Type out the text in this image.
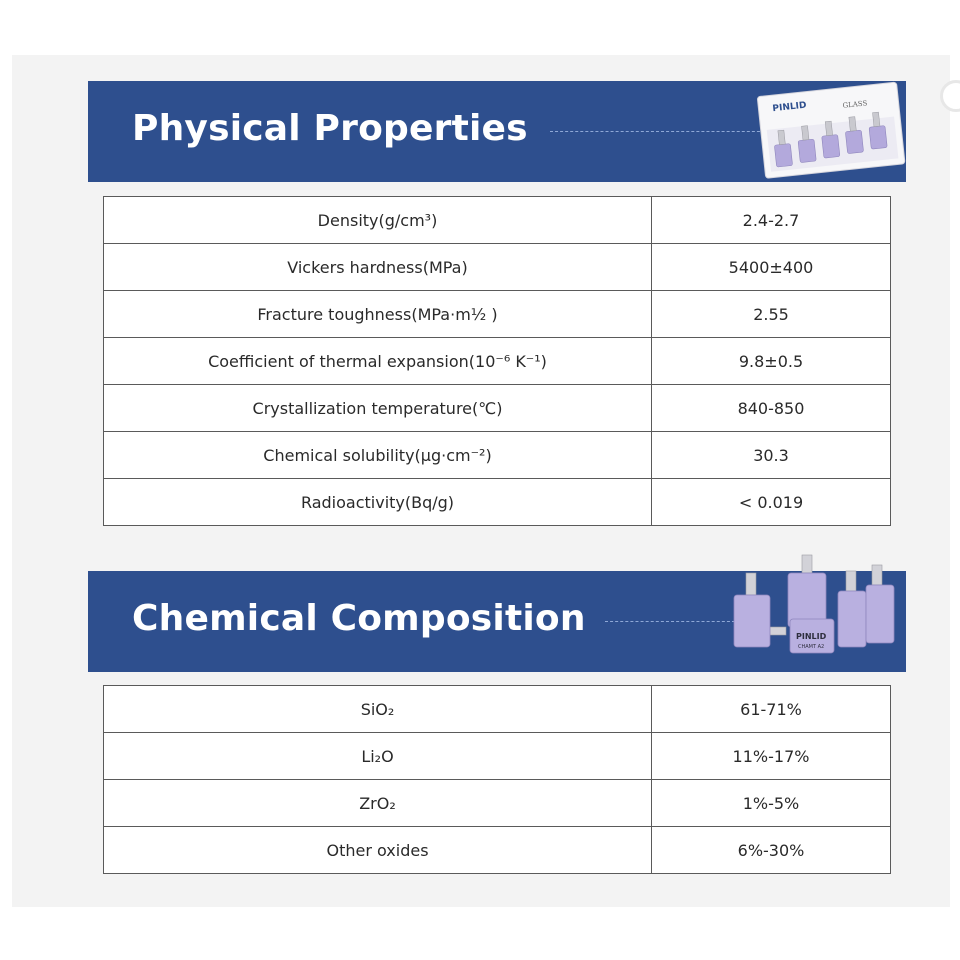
Physical Properties
PINLID	GLASS
Density(g/cm³)	2.4-2.7
Vickers hardness(MPa)	5400±400
Fracture toughness(MPa·m½ )	2.55
Coefficient of thermal expansion(10⁻⁶ K⁻¹)	9.8±0.5
Crystallization temperature(℃)	840-850
Chemical solubility(μg·cm⁻²)	30.3
Radioactivity(Bq/g)	< 0.019
Chemical Composition	PINLID
CHAMT A2
SiO₂	61-71%
Li₂O	11%-17%
ZrO₂	1%-5%
Other oxides	6%-30%
